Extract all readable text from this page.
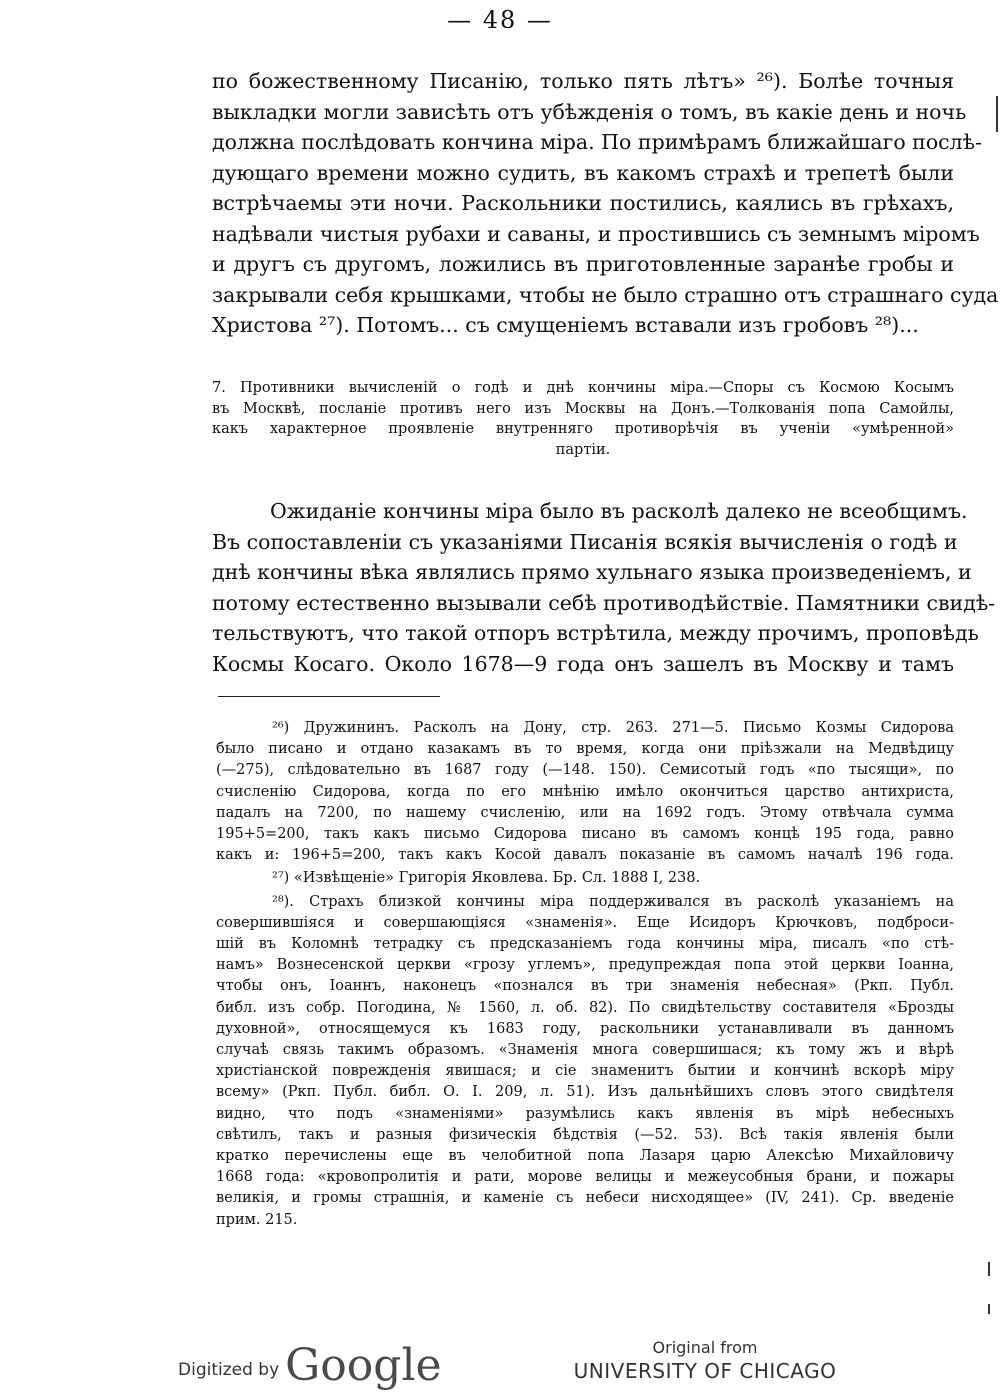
— 48 —
по божественному Писанію, только пять лѣтъ» ²⁶). Болѣе точныя
выкладки могли зависѣть отъ убѣжденія о томъ, въ какіе день и ночь
должна послѣдовать кончина міра. По примѣрамъ ближайшаго послѣ-
дующаго времени можно судить, въ какомъ страхѣ и трепетѣ были
встрѣчаемы эти ночи. Раскольники постились, каялись въ грѣхахъ,
надѣвали чистыя рубахи и саваны, и простившись съ земнымъ міромъ
и другъ съ другомъ, ложились въ приготовленные заранѣе гробы и
закрывали себя крышками, чтобы не было страшно отъ страшнаго суда
Христова ²⁷). Потомъ... съ смущеніемъ вставали изъ гробовъ ²⁸)...
7. Противники вычисленій о годѣ и днѣ кончины міра.—Споры съ Космою Косымъ
въ Москвѣ, посланіе противъ него изъ Москвы на Донъ.—Толкованія попа Самойлы,
какъ характерное проявленіе внутренняго противорѣчія въ ученіи «умѣренной»
партіи.
Ожиданіе кончины міра было въ расколѣ далеко не всеобщимъ.
Въ сопоставленіи съ указаніями Писанія всякія вычисленія о годѣ и
днѣ кончины вѣка являлись прямо хульнаго языка произведеніемъ, и
потому естественно вызывали себѣ противодѣйствіе. Памятники свидѣ-
тельствуютъ, что такой отпоръ встрѣтила, между прочимъ, проповѣдь
Космы Косаго. Около 1678—9 года онъ зашелъ въ Москву и тамъ
²⁶) Дружининъ. Расколъ на Дону, стр. 263. 271—5. Письмо Козмы Сидорова
было писано и отдано казакамъ въ то время, когда они пріѣзжали на Медвѣдицу
(—275), слѣдовательно въ 1687 году (—148. 150). Семисотый годъ «по тысящи», по
счисленію Сидорова, когда по его мнѣнію имѣло окончиться царство антихриста,
падалъ на 7200, по нашему счисленію, или на 1692 годъ. Этому отвѣчала сумма
195+5=200, такъ какъ письмо Сидорова писано въ самомъ концѣ 195 года, равно
какъ и: 196+5=200, такъ какъ Косой давалъ показаніе въ самомъ началѣ 196 года.
²⁷) «Извѣщеніе» Григорія Яковлева. Бр. Сл. 1888 I, 238.
²⁸). Страхъ близкой кончины міра поддерживался въ расколѣ указаніемъ на
совершившіяся и совершающіяся «знаменія». Еще Исидоръ Крючковъ, подброси-
шій въ Коломнѣ тетрадку съ предсказаніемъ года кончины міра, писалъ «по стѣ-
намъ» Вознесенской церкви «грозу углемъ», предупреждая попа этой церкви Іоанна,
чтобы онъ, Іоаннъ, наконецъ «познался въ три знаменія небесная» (Ркп. Публ.
библ. изъ собр. Погодина, № 1560, л. об. 82). По свидѣтельству составителя «Брозды
духовной», относящемуся къ 1683 году, раскольники устанавливали въ данномъ
случаѣ связь такимъ образомъ. «Знаменія многа совершишася; къ тому жъ и вѣрѣ
христіанской поврежденія явишася; и сіе знаменитъ бытии и кончинѣ вскорѣ міру
всему» (Ркп. Публ. библ. О. I. 209, л. 51). Изъ дальнѣйшихъ словъ этого свидѣтеля
видно, что подъ «знаменіями» разумѣлись какъ явленія въ мірѣ небесныхъ
свѣтилъ, такъ и разныя физическія бѣдствія (—52. 53). Всѣ такія явленія были
кратко перечислены еще въ челобитной попа Лазаря царю Алексѣю Михайловичу
1668 года: «кровопролитія и рати, морове велицы и межеусобныя брани, и пожары
великія, и громы страшнія, и каменіе съ небеси нисходящее» (IV, 241). Ср. введеніе
прим. 215.
Digitized by Google	Original from
UNIVERSITY OF CHICAGO
